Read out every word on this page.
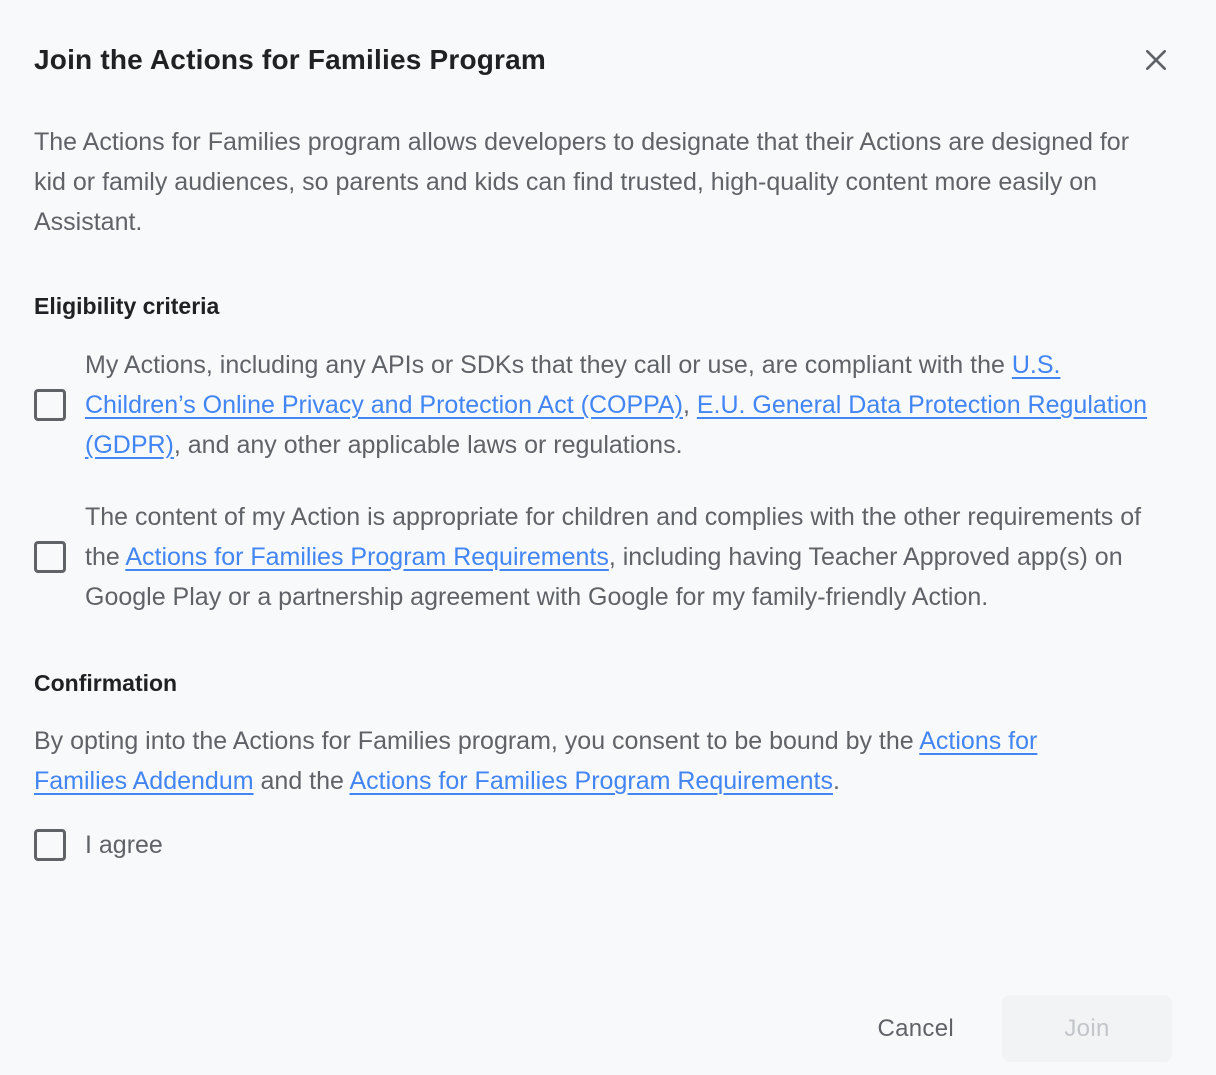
Join the Actions for Families Program

The Actions for Families program allows developers to designate that their Actions are designed for kid or family audiences, so parents and kids can find trusted, high-quality content more easily on Assistant.

Eligibility criteria

My Actions, including any APIs or SDKs that they call or use, are compliant with the U.S. Children’s Online Privacy and Protection Act (COPPA), E.U. General Data Protection Regulation (GDPR), and any other applicable laws or regulations.

The content of my Action is appropriate for children and complies with the other requirements of the Actions for Families Program Requirements, including having Teacher Approved app(s) on Google Play or a partnership agreement with Google for my family-friendly Action.

Confirmation

By opting into the Actions for Families program, you consent to be bound by the Actions for Families Addendum and the Actions for Families Program Requirements.

I agree
Cancel	Join
